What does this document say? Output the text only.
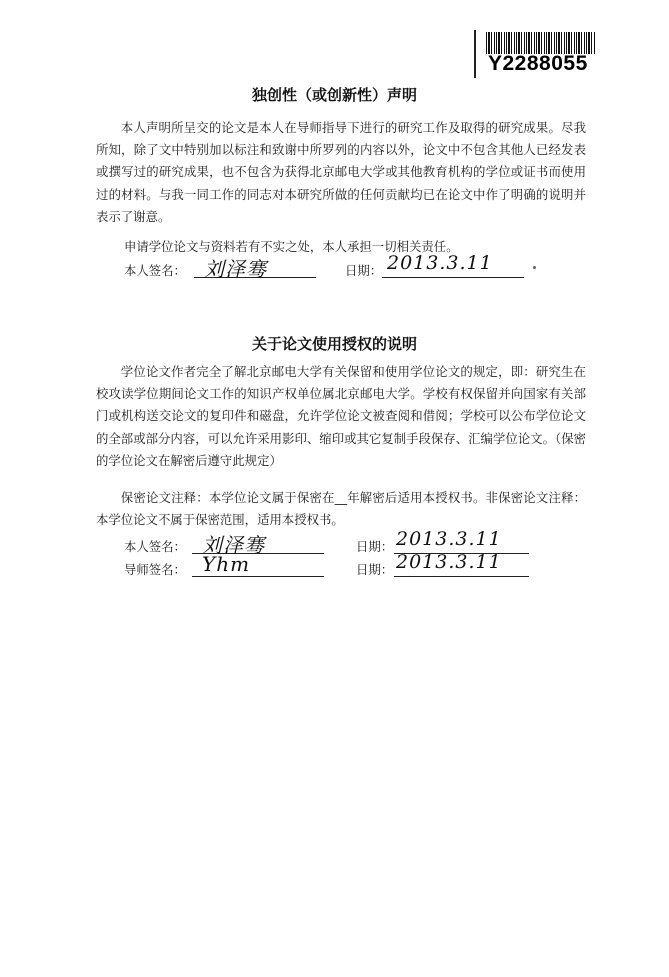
Y2288055
独创性（或创新性）声明
本人声明所呈交的论文是本人在导师指导下进行的研究工作及取得的研究成果。尽我所知，除了文中特别加以标注和致谢中所罗列的内容以外，论文中不包含其他人已经发表或撰写过的研究成果，也不包含为获得北京邮电大学或其他教育机构的学位或证书而使用过的材料。与我一同工作的同志对本研究所做的任何贡献均已在论文中作了明确的说明并表示了谢意。
申请学位论文与资料若有不实之处，本人承担一切相关责任。
本人签名： 刘泽骞	日期： 2013.3.11
关于论文使用授权的说明
学位论文作者完全了解北京邮电大学有关保留和使用学位论文的规定，即：研究生在校攻读学位期间论文工作的知识产权单位属北京邮电大学。学校有权保留并向国家有关部门或机构送交论文的复印件和磁盘，允许学位论文被查阅和借阅；学校可以公布学位论文的全部或部分内容，可以允许采用影印、缩印或其它复制手段保存、汇编学位论文。（保密的学位论文在解密后遵守此规定）
保密论文注释：本学位论文属于保密在__年解密后适用本授权书。非保密论文注释：本学位论文不属于保密范围，适用本授权书。
本人签名： 刘泽骞	日期： 2013.3.11
导师签名： Yhm	日期： 2013.3.11
